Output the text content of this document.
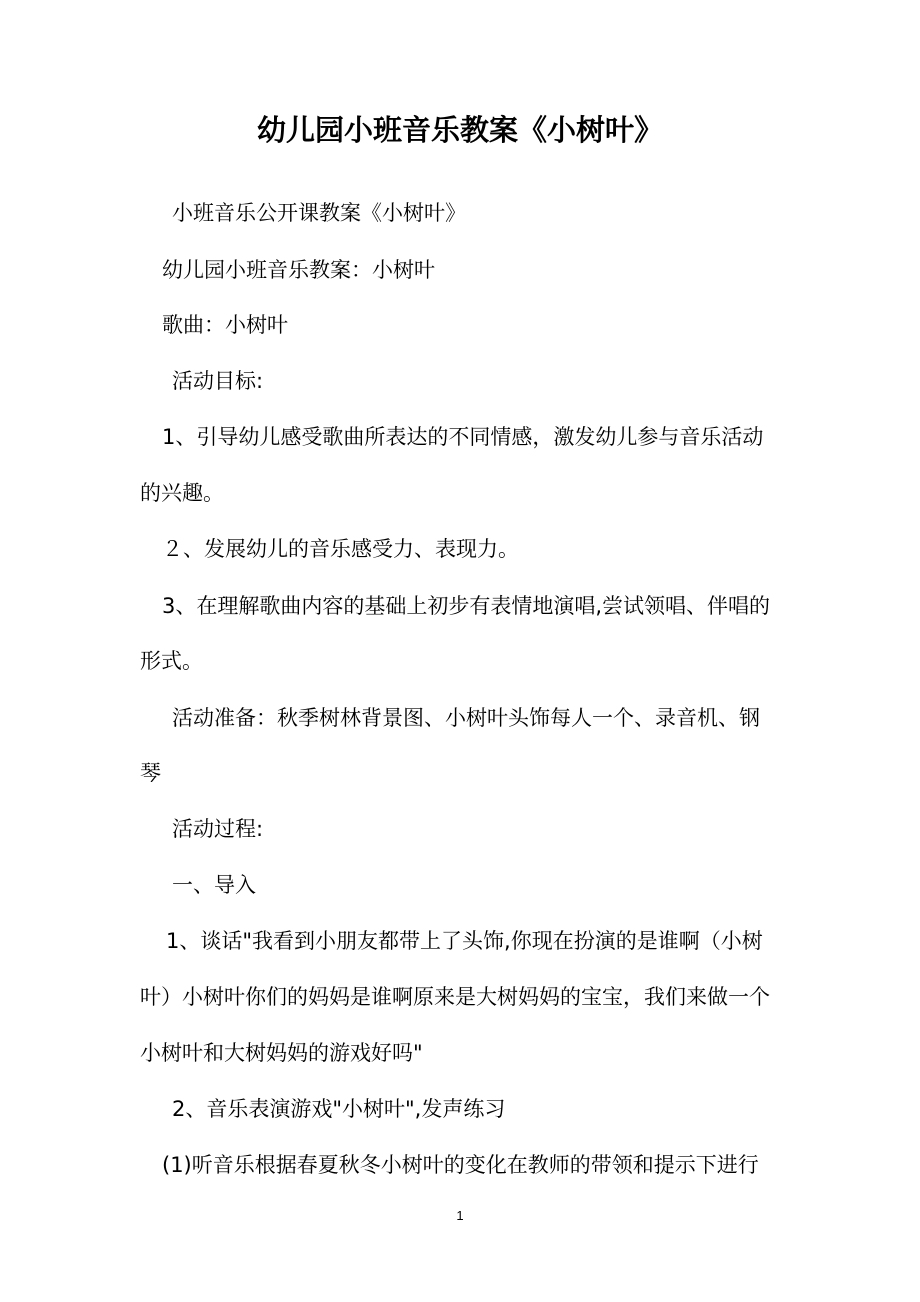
幼儿园小班音乐教案《小树叶》
小班音乐公开课教案《小树叶》
幼儿园小班音乐教案：小树叶
歌曲：小树叶
活动目标:
1、引导幼儿感受歌曲所表达的不同情感，激发幼儿参与音乐活动
的兴趣。
２、发展幼儿的音乐感受力、表现力。
3、在理解歌曲内容的基础上初步有表情地演唱,尝试领唱、伴唱的
形式。
活动准备：秋季树林背景图、小树叶头饰每人一个、录音机、钢
琴
活动过程:
一、导入
1、谈话"我看到小朋友都带上了头饰,你现在扮演的是谁啊（小树
叶）小树叶你们的妈妈是谁啊原来是大树妈妈的宝宝，我们来做一个
小树叶和大树妈妈的游戏好吗"
2、音乐表演游戏"小树叶",发声练习
(1)听音乐根据春夏秋冬小树叶的变化在教师的带领和提示下进行
1
